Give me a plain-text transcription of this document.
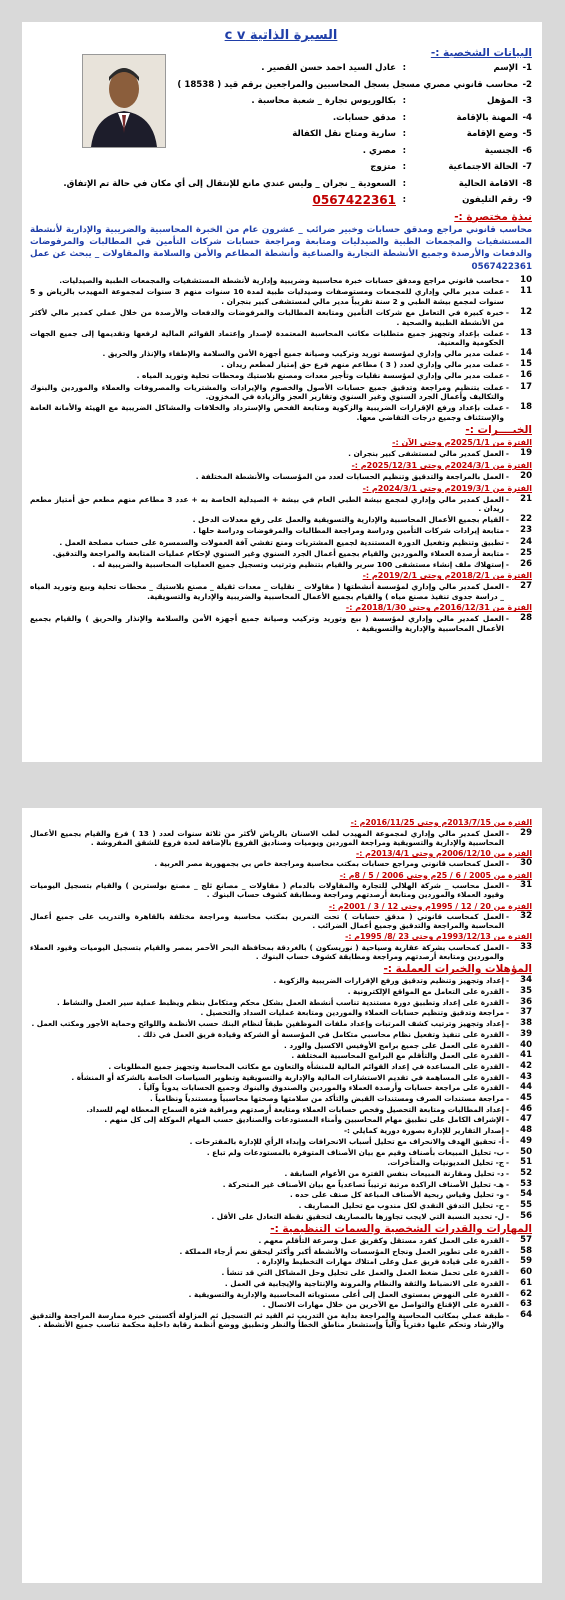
السيرة الذاتية c v
البيانات الشخصية :-
1-
الإسم
:
عادل السيد احمد حسن القصير .
2-
محاسب قانوني مصري مسجل بسجل المحاسبين والمراجعين برقم قيد ( 18538 )
3-
المؤهل
:
بكالوريوس تجارة _ شعبة محاسبة .
4-
المهنة بالإقامة
:
مدقق حسابات.
5-
وضع الإقامة
:
سارية ومتاح نقل الكفالة
6-
الجنسية
:
مصري .
7-
الحالة الاجتماعية
:
متزوج
8-
الاقامة الحالية
:
السعودية _ نجران _ وليس عندي مانع للإنتقال إلى أي مكان في حالة تم الإتفاق.
9-
رقم التليفون
:
0567422361
نبذة مختصرة :-
محاسب قانوني مراجع ومدقق حسابات وخبير ضرائب _ عشرون عام من الخبرة المحاسبية والضريبية والإدارية لأنشطة المستشفيات والمجمعات الطبية والصيدليات ومتابعة ومراجعة حسابات شركات التأمين في المطالبات والمرفوضات والدفعات والأرصدة وجميع الأنشطة التجارية والصناعية وأنشطة المطاعم والأمن والسلامة والمقاولات _ يبحث عن عمل 0567422361
10
-
محاسب قانوني مراجع ومدقق حسابات خبرة محاسبية وضريبية وإدارية لأنشطة المستشفيات والمجمعات الطبية والصيدليات.
11
-
عملت مدير مالي وإداري للمجمعات ومستوصفات وصيدليات طبية لمدة 10 سنوات منهم 3 سنوات لمجموعة المهيدب بالرياض و 5 سنوات لمجمع بيشة الطبي و 2 سنة تقريباً مدير مالي لمستشفى كبير بنجران .
12
-
خبرة كبيرة في التعامل مع شركات التأمين ومتابعة المطالبات والمرفوضات والدفعات والأرصدة من خلال عملي كمدير مالي لأكثر من الأنشطة الطبية والصحية .
13
-
عملت بإعداد وتجهيز جميع متطلبات مكاتب المحاسبة المعتمدة لإصدار وإعتماد القوائم المالية لرفعها وتقديمها إلى جميع الجهات الحكومية والمعنية.
14
-
عملت مدير مالي وإداري لمؤسسة توريد وتركيب وصيانة جميع أجهزة الأمن والسلامة والإطفاء والإنذار والحريق .
15
-
عملت مدير مالي وإداري لعدد ( 3 ) مطاعم منهم فرع حق إمتياز لمطعم ريدان .
16
-
عملت مدير مالي وإداري لمؤسسة نقليات وتأجير معدات ومصنع بلاستيك ومحطات تحلية وتوريد المياه .
17
-
عملت بتنظيم ومراجعة وتدقيق جميع حسابات الأصول والخصوم والإيرادات والمشتريات والمصروفات والعملاء والموردين والبنوك والتكاليف وأعمال الجرد السنوي وغير السنوي وتقارير العجز والزيادة في المخزون.
18
-
عملت بإعداد ورفع الإقرارات الضريبية والزكوية ومتابعة الفحص والإسترداد والخلافات والمشاكل الضريبية مع الهيئة والأمانة العامة والإستئناف وجميع درجات التقاضي معها.
الخبــــرات :-
الفترة من 2025/1/1م وحتى الآن :-
19
-
العمل كمدير مالي لمستشفى كبير بنجران .
الفترة من 2024/3/1م وحتى 2025/12/31م :-
20
-
العمل بالمراجعة والتدقيق وتنظيم الحسابات لعدد من المؤسسات والأنشطة المختلفة .
الفترة من 2019/3/1م وحتى 2024/3/1م :-
21
-
العمل كمدير مالي وإداري لمجمع بيشة الطبي العام في بيشة + الصيدلية الخاصة به + عدد 3 مطاعم منهم مطعم حق أمتياز مطعم ريدان .
22
-
القيام بجميع الأعمال المحاسبية والإدارية والتسويقية والعمل على رفع معدلات الدخل .
23
-
متابعة إيرادات شركات التأمين ودراسة ومراجعة المطالبات والمرفوضات ودراسة حلها .
24
-
تطبيق وتنظيم وتفعيل الدورة المستندية لجميع المشتريات ومنع تفشي آفة العمولات والسمسرة على حساب مصلحة العمل .
25
-
متابعة أرصدة العملاء والموردين والقيام بجميع أعمال الجرد السنوي وغير السنوي لإحكام عمليات المتابعة والمراجعة والتدقيق.
26
-
إستهلاك ملف إنشاء مستشفى 100 سرير والقيام بتنظيم وترتيب وتسجيل جميع العمليات المحاسبية والضريبية له .
الفترة من 2018/2/1م وحتى 2019/2/1م :-
27
-
العمل كمدير مالي وإداري لمؤسسة أنشطتها ( مقاولات _ نقليات _ معدات ثقيلة _ مصنع بلاستيك _ محطات تحلية وبيع وتوريد المياه _ دراسة جدوى تنفيذ مصنع مياه ) والقيام بجميع الأعمال المحاسبية والضريبية والإدارية والتسويقية.
الفترة من 2016/12/31م وحتى 2018/1/30م :-
28
-
العمل كمدير مالي وإداري لمؤسسة ( بيع وتوريد وتركيب وصيانة جميع أجهزة الأمن والسلامة والإنذار والحريق ) والقيام بجميع الأعمال المحاسبية والإدارية والتسويقية .
الفترة من 2013/7/15م وحتى 2016/11/25م :-
29
-
العمل كمدير مالي وإداري لمجموعة المهيدب لطب الاسنان بالرياض لأكثر من ثلاثة سنوات لعدد ( 13 ) فرع والقيام بجميع الأعمال المحاسبية والإدارية والتسويقية ومراجعة الموردين ويوميات وصناديق الفروع بالإضافة لعدة فروع للشقق المفروشة .
الفترة من 2006/12/10م وحتى 2013/4/1م :-
30
-
العمل كمحاسب قانوني ومراجع حسابات بمكتب محاسبة ومراجعة خاص بي بجمهورية مصر العربية .
الفترة من 2005 / 6 / 25م وحتى 2006 / 5 / 8م :-
31
-
العمل محاسب _ شركة الهلالي للتجارة والمقاولات بالدمام ( مقاولات _ مصانع ثلج _ مصنع بولسترين ) والقيام بتسجيل اليوميات وقيود العملاء والموردين ومتابعة أرصدتهم ومراجعة ومطابقة كشوف حساب البنوك .
الفترة من 20 / 12 / 1995م وحتى 12 / 3 / 2001م :-
32
-
العمل كمحاسب قانوني ( مدقق حسابات ) تحت التمرين بمكتب محاسبة ومراجعة مختلفة بالقاهرة والتدريب على جميع أعمال المحاسبة والمراجعة والتدقيق وجميع أعمال الضرائب .
الفترة من 1993/12/13م وحتى 23 /8/ 1995م :-
33
-
العمل كمحاسب بشركة عقارية وسياحية ( نوريسكون ) بالغردقة بمحافظة البحر الأحمر بمصر والقيام بتسجيل اليوميات وقيود العملاء والموردين ومتابعة أرصدتهم ومراجعة ومطابقة كشوف حساب البنوك .
المؤهلات والخبرات العملية :-
34
-
إعداد وتجهيز وتنظيم وتدقيق ورفع الإقرارات الضريبية والزكوية .
35
-
القدرة على التعامل مع المواقع الإلكترونية .
36
-
القدرة على إعداد وتطبيق دورة مستندية تناسب أنشطة العمل بشكل محكم ومتكامل بنظم ويظبط عملية سير العمل والنشاط .
37
-
مراجعة وتدقيق وتنظيم حسابات العملاء والموردين ومتابعة عمليات السداد والتحصيل .
38
-
إعداد وتجهيز وترتيب كشف المرتبات وإعداد ملفات الموظفين طبقاً لنظام البنك حسب الأنظمة واللوائح وحماية الأجور ومكتب العمل .
39
-
القدرة على تنفيذ وتفعيل نظام محاسبي متكامل في المؤسسة أو الشركة وقيادة فريق العمل في ذلك .
40
-
القدرة على العمل على جميع برامج الأوفيس الاكسيل والورد .
41
-
القدرة على العمل والتأقلم مع البرامج المحاسبية المختلفة .
42
-
القدرة على المساعدة في إعداد القوائم المالية للمنشأة والتعاون مع مكاتب المحاسبة وتجهيز جميع المطلوبات .
43
-
القدرة على المساهمة في تقديم الاستشارات المالية والإدارية والتسويقية وتطوير السياسات الخاصة بالشركة أو المنشأة .
44
-
القدرة على مراجعة حسابات وأرصدة العملاء والموردين والصندوق والبنوك وجميع الحسابات يدوياً وآلياً .
45
-
مراجعة مستندات الصرف ومستندات القبض والتأكد من سلامتها وصحتها محاسبياً ومستندياً ونظامياً .
46
-
إعداد المطالبات ومتابعة التحصيل وفحص حسابات العملاء ومتابعة أرصدتهم ومراقبة فترة السماح المعطاة لهم للسداد.
47
-
الإشراف الكامل على تطبيق مهام المحاسبين وأمناء المستودعات والصناديق حسب المهام الموكلة إلى كل منهم .
48
-
إصدار التقارير للإدارة بصورة دورية كمايلي :-
49
-
أ- تحقيق الهدف والانحراف مع تحليل أسباب الانحرافات وإبداء الرأي للإدارة بالمقترحات .
50
-
ب- تحليل المبيعات بأصناف وقيم مع بيان الأصناف المتوفرة بالمستودعات ولم تباع .
51
-
ج- تحليل المديونيات والمتأخرات.
52
-
د- تحليل ومقارنة المبيعات بنفس الفترة من الأعوام السابقة .
53
-
هـ- تحليل الأصناف الراكدة مرتبة ترتيباً تصاعدياً مع بيان الأصناف غير المتحركة .
54
-
و- تحليل وقياس ربحية الأصناف المباعة كل صنف على حده .
55
-
ح- تحليل التدفق النقدي لكل مندوب مع تحليل المصاريف .
56
-
ل- تحديد النسبة التي لايجب تجاوزها بالمصاريف لتحقيق نقطة التعادل على الأقل .
المهارات والقدرات الشخصية والسمات التنظيمية :-
57
-
القدرة على العمل كفرد مستقل وكفريق عمل وسرعة التأقلم معهم .
58
-
القدرة على تطوير العمل ونجاح المؤسسات والأنشطة أكبر وأكثر ليحقق نعم أرجاء المملكة .
59
-
القدرة على قيادة فريق عمل وعلى امتلاك مهارات التخطيط والإدارة .
60
-
القدرة على تحمل ضغط العمل والعمل على تحليل وحل المشاكل التي قد تنشأ .
61
-
القدرة على الانضباط والثقة والنظام والمرونة والإنتاجية والإيجابية في العمل .
62
-
القدرة على النهوض بمستوى العمل إلى أعلى مستوياته المحاسبية والإدارية والتسويقية .
63
-
القدرة على الإقناع والتواصل مع الآخرين من خلال مهارات الاتصال .
64
-
طبقة عملي بمكاتب المحاسبة والمراجعة بداية من التدريب ثم القيد ثم التسجيل ثم المزاولة أكسبني خبرة ممارسة المراجعة والتدقيق والإرشاد وتحكم عليها دفترياً وآلياً وإستشعار مناطق الخطأ والنظر وتطبيق ووضع أنظمة رقابة داخلية محكمة تناسب جميع الأنشطة .
